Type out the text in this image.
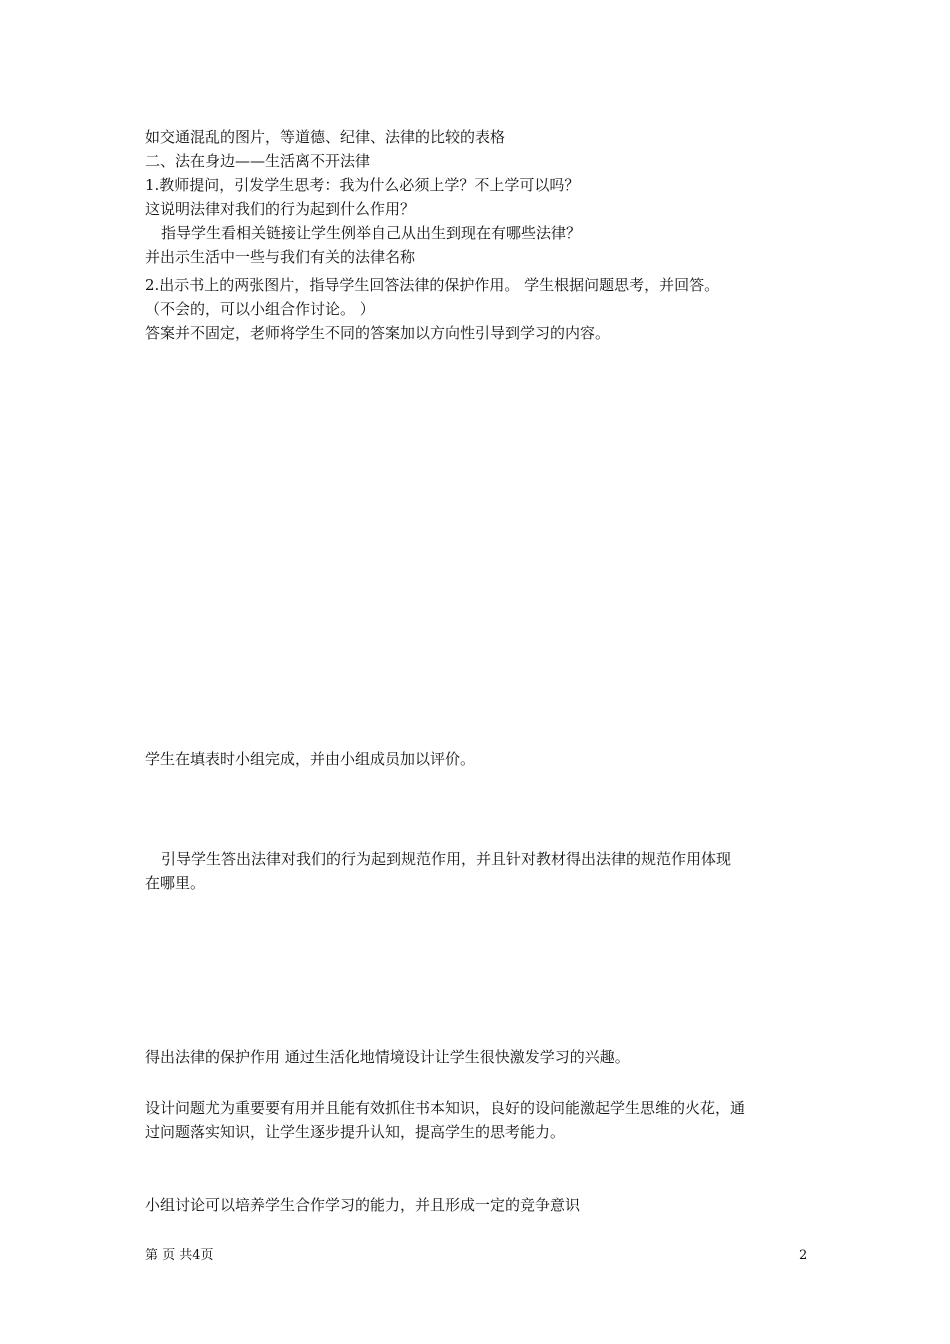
如交通混乱的图片，等道德、纪律、法律的比较的表格
二、法在身边——生活离不开法律
1.教师提问，引发学生思考：我为什么必须上学？不上学可以吗？
这说明法律对我们的行为起到什么作用？
指导学生看相关链接让学生例举自己从出生到现在有哪些法律？
并出示生活中一些与我们有关的法律名称
2.出示书上的两张图片，指导学生回答法律的保护作用。 学生根据问题思考，并回答。
（不会的，可以小组合作讨论。 ）
答案并不固定，老师将学生不同的答案加以方向性引导到学习的内容。
学生在填表时小组完成，并由小组成员加以评价。
引导学生答出法律对我们的行为起到规范作用，并且针对教材得出法律的规范作用体现
在哪里。
得出法律的保护作用 通过生活化地情境设计让学生很快激发学习的兴趣。
设计问题尤为重要要有用并且能有效抓住书本知识，良好的设问能激起学生思维的火花，通
过问题落实知识，让学生逐步提升认知，提高学生的思考能力。
小组讨论可以培养学生合作学习的能力，并且形成一定的竞争意识
第 页 共4页	2
